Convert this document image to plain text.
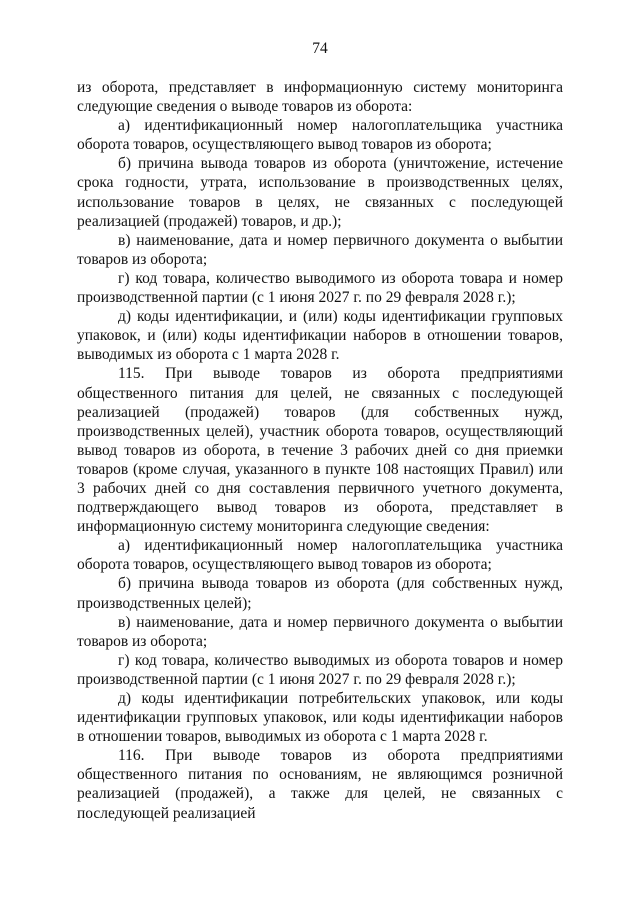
74

из оборота, представляет в информационную систему мониторинга следующие сведения о выводе товаров из оборота:

а) идентификационный номер налогоплательщика участника оборота товаров, осуществляющего вывод товаров из оборота;

б) причина вывода товаров из оборота (уничтожение, истечение срока годности, утрата, использование в производственных целях, использование товаров в целях, не связанных с последующей реализацией (продажей) товаров, и др.);

в) наименование, дата и номер первичного документа о выбытии товаров из оборота;

г) код товара, количество выводимого из оборота товара и номер производственной партии (с 1 июня 2027 г. по 29 февраля 2028 г.);

д) коды идентификации, и (или) коды идентификации групповых упаковок, и (или) коды идентификации наборов в отношении товаров, выводимых из оборота с 1 марта 2028 г.

115. При выводе товаров из оборота предприятиями общественного питания для целей, не связанных с последующей реализацией (продажей) товаров (для собственных нужд, производственных целей), участник оборота товаров, осуществляющий вывод товаров из оборота, в течение 3 рабочих дней со дня приемки товаров (кроме случая, указанного в пункте 108 настоящих Правил) или 3 рабочих дней со дня составления первичного учетного документа, подтверждающего вывод товаров из оборота, представляет в информационную систему мониторинга следующие сведения:

а) идентификационный номер налогоплательщика участника оборота товаров, осуществляющего вывод товаров из оборота;

б) причина вывода товаров из оборота (для собственных нужд, производственных целей);

в) наименование, дата и номер первичного документа о выбытии товаров из оборота;

г) код товара, количество выводимых из оборота товаров и номер производственной партии (с 1 июня 2027 г. по 29 февраля 2028 г.);

д) коды идентификации потребительских упаковок, или коды идентификации групповых упаковок, или коды идентификации наборов в отношении товаров, выводимых из оборота с 1 марта 2028 г.

116. При выводе товаров из оборота предприятиями общественного питания по основаниям, не являющимся розничной реализацией (продажей), а также для целей, не связанных с последующей реализацией
